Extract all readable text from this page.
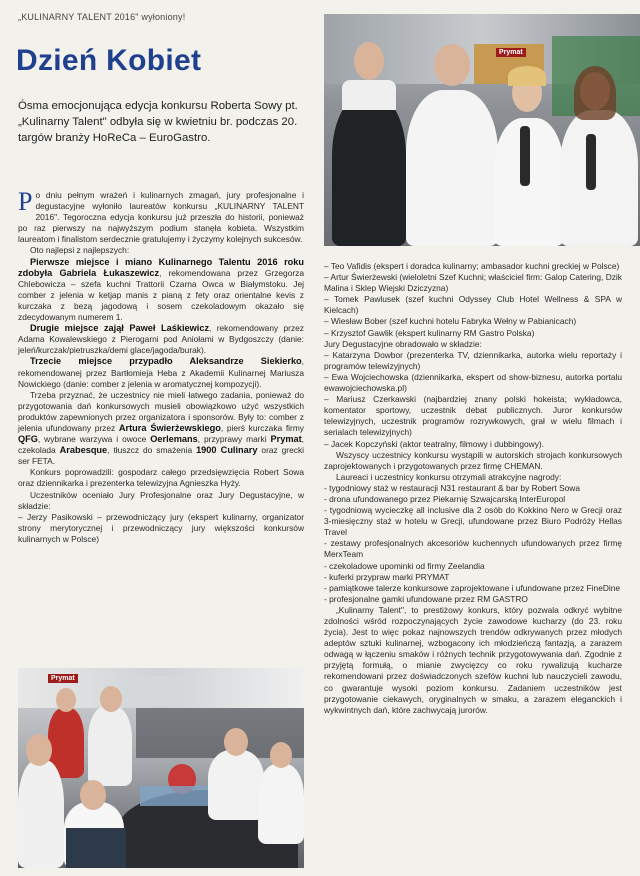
„KULINARNY TALENT 2016" wyłoniony!
Dzień Kobiet
Ósma emocjonująca edycja konkursu Roberta Sowy pt. „Kulinarny Talent" odbyła się w kwietniu br. podczas 20. targów branży HoReCa – EuroGastro.
Prymat

Po dniu pełnym wrażeń i kulinarnych zmagań, jury profesjonalne i degustacyjne wyłoniło laureatów konkursu „KULINARNY TALENT 2016". Tegoroczna edycja konkursu już przeszła do historii, ponieważ po raz pierwszy na najwyższym podium stanęła kobieta. Wszystkim laureatom i finalistom serdecznie gratulujemy i życzymy kolejnych sukcesów.

Oto najlepsi z najlepszych:

Pierwsze miejsce i miano Kulinarnego Talentu 2016 roku zdobyła Gabriela Łukaszewicz, rekomendowana przez Grzegorza Chlebowicza – szefa kuchni Trattorii Czarna Owca w Białymstoku. Jej comber z jelenia w ketjap manis z pianą z fety oraz orientalne kevis z kurczaka z bezą jagodową i sosem czekoladowym okazało się zdecydowanym numerem 1.

Drugie miejsce zajął Paweł Laśkiewicz, rekomendowany przez Adama Kowalewskiego z Pierogarni pod Aniołami w Bydgoszczy (danie: jeleń/kurczak/pietruszka/demi glace/jagoda/burak).

Trzecie miejsce przypadło Aleksandrze Siekierko, rekomendowanej przez Bartłomieja Heba z Akademii Kulinarnej Mariusza Nowickiego (danie: comber z jelenia w aromatycznej kompozycji).

Trzeba przyznać, że uczestnicy nie mieli łatwego zadania, ponieważ do przygotowania dań konkursowych musieli obowiązkowo użyć wszystkich produktów zapewnionych przez organizatora i sponsorów. Były to: comber z jelenia ufundowany przez Artura Świerżewskiego, pierś kurczaka firmy QFG, wybrane warzywa i owoce Oerlemans, przyprawy marki Prymat, czekolada Arabesque, tłuszcz do smażenia 1900 Culinary oraz grecki ser FETA.

Konkurs poprowadzili: gospodarz całego przedsięwzięcia Robert Sowa oraz dziennikarka i prezenterka telewizyjna Agnieszka Hyży.

Uczestników oceniało Jury Profesjonalne oraz Jury Degustacyjne, w składzie:

– Jerzy Pasikowski – przewodniczący jury (ekspert kulinarny, organizator strony merytorycznej i przewodniczący jury większości konkursów kulinarnych w Polsce)

Prymat

– Teo Vafidis (ekspert i doradca kulinarny; ambasador kuchni greckiej w Polsce)

– Artur Świerżewski (wieloletni Szef Kuchni; właściciel firm: Galop Catering, Dzik Malina i Sklep Wiejski Dziczyzna)

– Tomek Pawlusek (szef kuchni Odyssey Club Hotel Wellness & SPA w Kielcach)

– Wiesław Bober (szef kuchni hotelu Fabryka Wełny w Pabianicach)

– Krzysztof Gawlik (ekspert kulinarny RM Gastro Polska)

Jury Degustacyjne obradowało w składzie:

– Katarzyna Dowbor (prezenterka TV, dziennikarka, autorka wielu reportaży i programów telewizyjnych)

– Ewa Wojciechowska (dziennikarka, ekspert od show-biznesu, autorka portalu ewawojciechowska.pl)

– Mariusz Czerkawski (najbardziej znany polski hokeista; wykładowca, komentator sportowy, uczestnik debat publicznych. Juror konkursów telewizyjnych, uczestnik programów rozrywkowych, grał w wielu filmach i serialach telewizyjnych)

– Jacek Kopczyński (aktor teatralny, filmowy i dubbingowy).

Wszyscy uczestnicy konkursu wystąpili w autorskich strojach konkursowych zaprojektowanych i przygotowanych przez firmę CHEMAN.

Laureaci i uczestnicy konkursu otrzymali atrakcyjne nagrody:

- tygodniowy staż w restauracji N31 restaurant & bar by Robert Sowa

- drona ufundowanego przez Piekarnię Szwajcarską InterEuropol

- tygodniową wycieczkę all inclusive dla 2 osób do Kokkino Nero w Grecji oraz 3-miesięczny staż w hotelu w Grecji, ufundowane przez Biuro Podróży Hellas Travel

- zestawy profesjonalnych akcesoriów kuchennych ufundowanych przez firmę MerxTeam

- czekoladowe upominki od firmy Zeelandia

- kuferki przypraw marki PRYMAT

- pamiątkowe talerze konkursowe zaprojektowane i ufundowane przez FineDine

- profesjonalne gamki ufundowane przez RM GASTRO

„Kulinarny Talent", to prestiżowy konkurs, który pozwala odkryć wybitne zdolności wśród rozpoczynających życie zawodowe kucharzy (do 23. roku życia). Jest to więc pokaz najnowszych trendów odkrywanych przez młodych adeptów sztuki kulinarnej, wzbogacony ich młodzieńczą fantazją, a zarazem odwagą w łączeniu smaków i różnych technik przygotowywania dań. Zgodnie z przyjętą formułą, o mianie zwycięzcy co roku rywalizują kucharze rekomendowani przez doświadczonych szefów kuchni lub nauczycieli zawodu, co gwarantuje wysoki poziom konkursu. Zadaniem uczestników jest przygotowanie ciekawych, oryginalnych w smaku, a zarazem eleganckich i wykwintnych dań, które zachwycają jurorów.
